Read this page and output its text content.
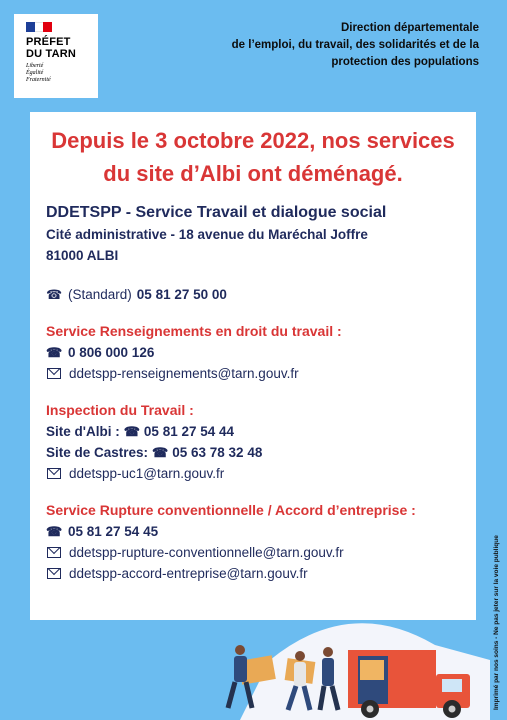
PRÉFET
DU TARN
Liberté
Égalité
Fraternité
Direction départementale
de l’emploi, du travail, des solidarités et de la
protection des populations
Depuis le 3 octobre 2022, nos services
du site d’Albi ont déménagé.
DDETSPP - Service Travail et dialogue social
Cité administrative - 18 avenue du Maréchal Joffre
81000 ALBI
☎ (Standard) 05 81 27 50 00
Service Renseignements en droit du travail :
☎ 0 806 000 126
ddetspp-renseignements@tarn.gouv.fr
Inspection du Travail :
Site d'Albi : ☎ 05 81 27 54 44
Site de Castres: ☎ 05 63 78 32 48
ddetspp-uc1@tarn.gouv.fr
Service Rupture conventionnelle / Accord d’entreprise :
☎ 05 81 27 54 45
ddetspp-rupture-conventionnelle@tarn.gouv.fr
ddetspp-accord-entreprise@tarn.gouv.fr	Imprimé par nos soins - Ne pas jeter sur la voie publique
